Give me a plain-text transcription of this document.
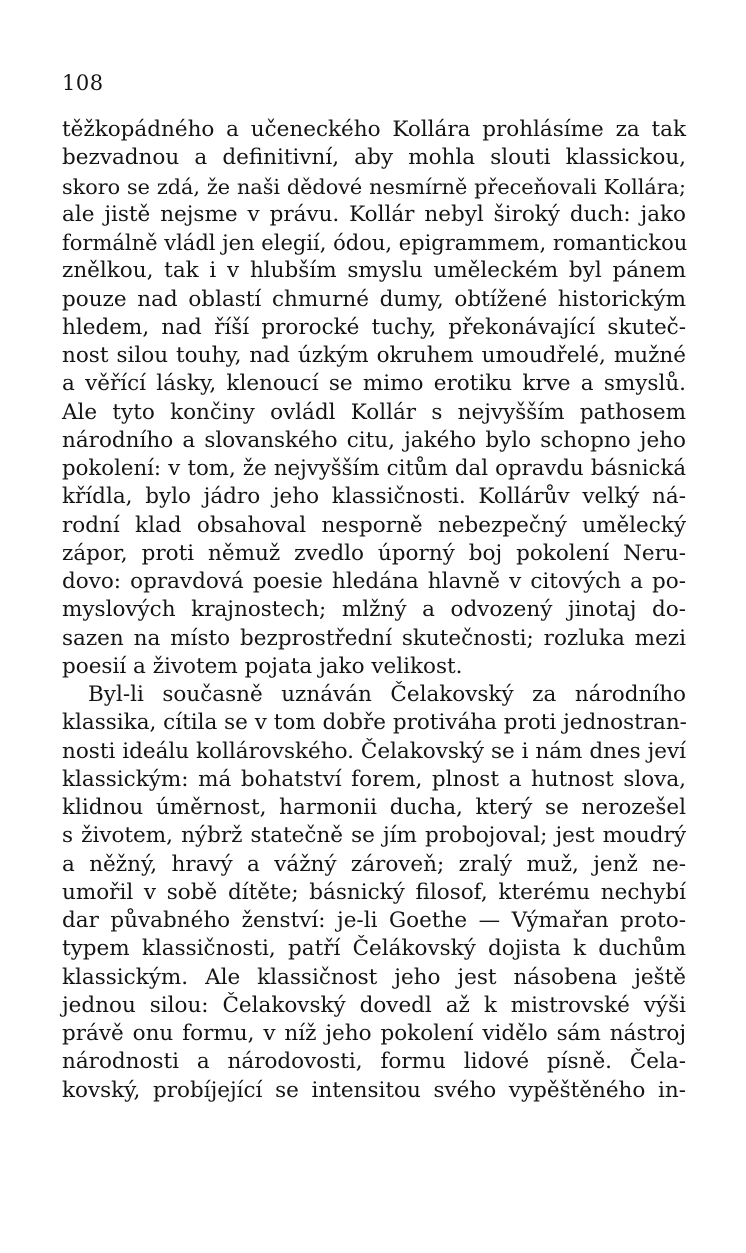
108
těžkopádného a učeneckého Kollára prohlásíme za tak
bezvadnou a definitivní, aby mohla slouti klassickou,
skoro se zdá, že naši dědové nesmírně přeceňovali Kollára;
ale jistě nejsme v právu. Kollár nebyl široký duch: jako
formálně vládl jen elegií, ódou, epigrammem, romantickou
znělkou, tak i v hlubším smyslu uměleckém byl pánem
pouze nad oblastí chmurné dumy, obtížené historickým
hledem, nad říší prorocké tuchy, překonávající skuteč-
nost silou touhy, nad úzkým okruhem umoudřelé, mužné
a věřící lásky, klenoucí se mimo erotiku krve a smyslů.
Ale tyto končiny ovládl Kollár s nejvyšším pathosem
národního a slovanského citu, jakého bylo schopno jeho
pokolení: v tom, že nejvyšším citům dal opravdu básnická
křídla, bylo jádro jeho klassičnosti. Kollárův velký ná-
rodní klad obsahoval nesporně nebezpečný umělecký
zápor, proti němuž zvedlo úporný boj pokolení Neru-
dovo: opravdová poesie hledána hlavně v citových a po-
myslových krajnostech; mlžný a odvozený jinotaj do-
sazen na místo bezprostřední skutečnosti; rozluka mezi
poesií a životem pojata jako velikost.
Byl-li současně uznáván Čelakovský za národního
klassika, cítila se v tom dobře protiváha proti jednostran-
nosti ideálu kollárovského. Čelakovský se i nám dnes jeví
klassickým: má bohatství forem, plnost a hutnost slova,
klidnou úměrnost, harmonii ducha, který se nerozešel
s životem, nýbrž statečně se jím probojoval; jest moudrý
a něžný, hravý a vážný zároveň; zralý muž, jenž ne-
umořil v sobě dítěte; básnický filosof, kterému nechybí
dar půvabného ženství: je-li Goethe — Výmařan proto-
typem klassičnosti, patří Čelákovský dojista k duchům
klassickým. Ale klassičnost jeho jest násobena ještě
jednou silou: Čelakovský dovedl až k mistrovské výši
právě onu formu, v níž jeho pokolení vidělo sám nástroj
národnosti a národovosti, formu lidové písně. Čela-
kovský, probíjející se intensitou svého vypěštěného in-
